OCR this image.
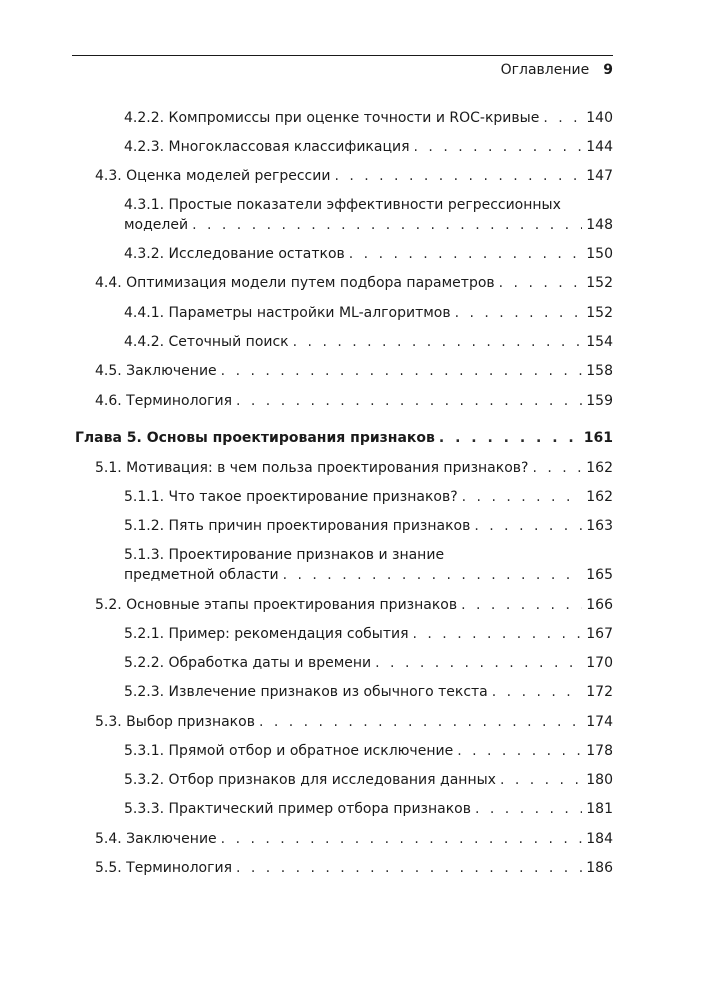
Оглавление 9
4.2.2. Компромиссы при оценке точности и ROC-кривые . . .	140
4.2.3. Многоклассовая классификация . . .	144
4.3. Оценка моделей регрессии . . .	147
4.3.1. Простые показатели эффективности регрессионных
моделей . . .	148
4.3.2. Исследование остатков . . .	150
4.4. Оптимизация модели путем подбора параметров . . .	152
4.4.1. Параметры настройки ML-алгоритмов . . .	152
4.4.2. Сеточный поиск . . .	154
4.5. Заключение . . .	158
4.6. Терминология . . .	159
Глава 5. Основы проектирования признаков . . .	161
5.1. Мотивация: в чем польза проектирования признаков? . . .	162
5.1.1. Что такое проектирование признаков? . . .	162
5.1.2. Пять причин проектирования признаков . . .	163
5.1.3. Проектирование признаков и знание
предметной области . . .	165
5.2. Основные этапы проектирования признаков . . .	166
5.2.1. Пример: рекомендация события . . .	167
5.2.2. Обработка даты и времени . . .	170
5.2.3. Извлечение признаков из обычного текста . . .	172
5.3. Выбор признаков . . .	174
5.3.1. Прямой отбор и обратное исключение . . .	178
5.3.2. Отбор признаков для исследования данных . . .	180
5.3.3. Практический пример отбора признаков . . .	181
5.4. Заключение . . .	184
5.5. Терминология . . .	186
